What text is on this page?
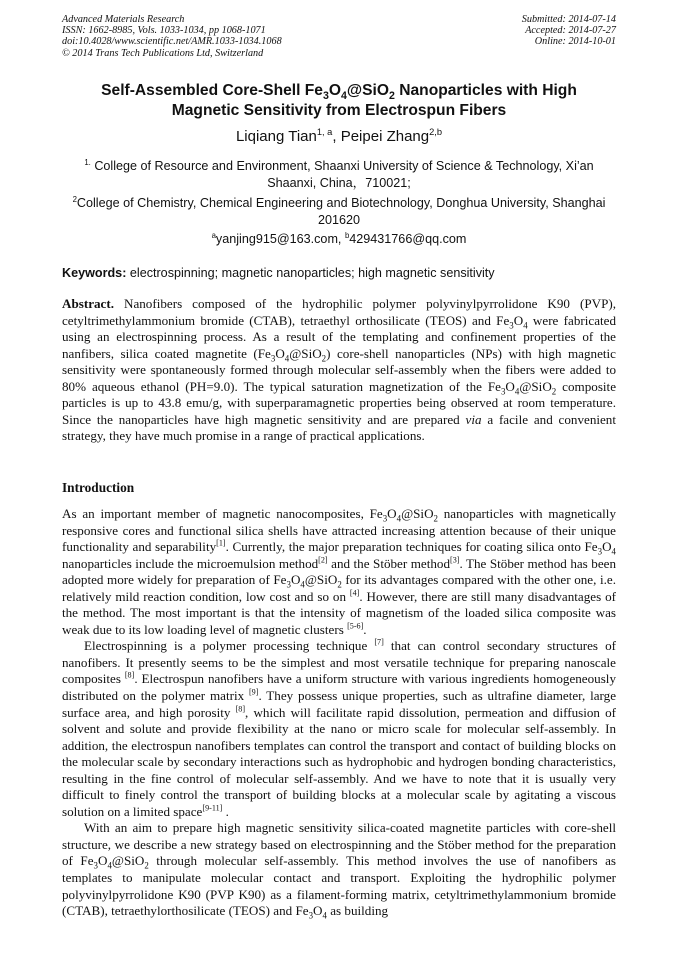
Advanced Materials Research
ISSN: 1662-8985, Vols. 1033-1034, pp 1068-1071
doi:10.4028/www.scientific.net/AMR.1033-1034.1068
© 2014 Trans Tech Publications Ltd, Switzerland
Submitted: 2014-07-14
Accepted: 2014-07-27
Online: 2014-10-01
Self-Assembled Core-Shell $Fe_3O_4@SiO_2$ Nanoparticles with High
Magnetic Sensitivity from Electrospun Fibers
Liqiang Tian$^{1, a}$, Peipei Zhang$^{2,b}$
$^{1.}$ College of Resource and Environment, Shaanxi University of Science & Technology, Xi’an
Shaanxi, China，710021;
$^2$College of Chemistry, Chemical Engineering and Biotechnology, Donghua University, Shanghai
201620
$^a$yanjing915@163.com, $^b$429431766@qq.com
Keywords: electrospinning; magnetic nanoparticles; high magnetic sensitivity

Abstract. Nanofibers composed of the hydrophilic polymer polyvinylpyrrolidone K90 (PVP), cetyltrimethylammonium bromide (CTAB), tetraethyl orthosilicate (TEOS) and $Fe_3O_4$ were fabricated using an electrospinning process. As a result of the templating and confinement properties of the nanfibers, silica coated magnetite $(Fe_3O_4@SiO_2)$ core-shell nanoparticles (NPs) with high magnetic sensitivity were spontaneously formed through molecular self-assembly when the fibers were added to 80% aqueous ethanol (PH=9.0). The typical saturation magnetization of the $Fe_3O_4@SiO_2$ composite particles is up to 43.8 emu/g, with superparamagnetic properties being observed at room temperature. Since the nanoparticles have high magnetic sensitivity and are prepared via a facile and convenient strategy, they have much promise in a range of practical applications.

Introduction

As an important member of magnetic nanocomposites, $Fe_3O_4@SiO_2$ nanoparticles with magnetically responsive cores and functional silica shells have attracted increasing attention because of their unique functionality and separability[1]. Currently, the major preparation techniques for coating silica onto $Fe_3O_4$ nanoparticles include the microemulsion method[2] and the Stöber method[3]. The Stöber method has been adopted more widely for preparation of $Fe_3O_4@SiO_2$ for its advantages compared with the other one, i.e. relatively mild reaction condition, low cost and so on [4]. However, there are still many disadvantages of the method. The most important is that the intensity of magnetism of the loaded silica composite was weak due to its low loading level of magnetic clusters [5-6].

Electrospinning is a polymer processing technique [7] that can control secondary structures of nanofibers. It presently seems to be the simplest and most versatile technique for preparing nanoscale composites [8]. Electrospun nanofibers have a uniform structure with various ingredients homogeneously distributed on the polymer matrix [9]. They possess unique properties, such as ultrafine diameter, large surface area, and high porosity [8], which will facilitate rapid dissolution, permeation and diffusion of solvent and solute and provide flexibility at the nano or micro scale for molecular self-assembly. In addition, the electrospun nanofibers templates can control the transport and contact of building blocks on the molecular scale by secondary interactions such as hydrophobic and hydrogen bonding characteristics, resulting in the fine control of molecular self-assembly. And we have to note that it is usually very difficult to finely control the transport of building blocks at a molecular scale by agitating a viscous solution on a limited space[9-11] .

With an aim to prepare high magnetic sensitivity silica-coated magnetite particles with core-shell structure, we describe a new strategy based on electrospinning and the Stöber method for the preparation of $Fe_3O_4@SiO_2$ through molecular self-assembly. This method involves the use of nanofibers as templates to manipulate molecular contact and transport. Exploiting the hydrophilic polymer polyvinylpyrrolidone K90 (PVP K90) as a filament-forming matrix, cetyltrimethylammonium bromide (CTAB), tetraethylorthosilicate (TEOS) and $Fe_3O_4$ as building
